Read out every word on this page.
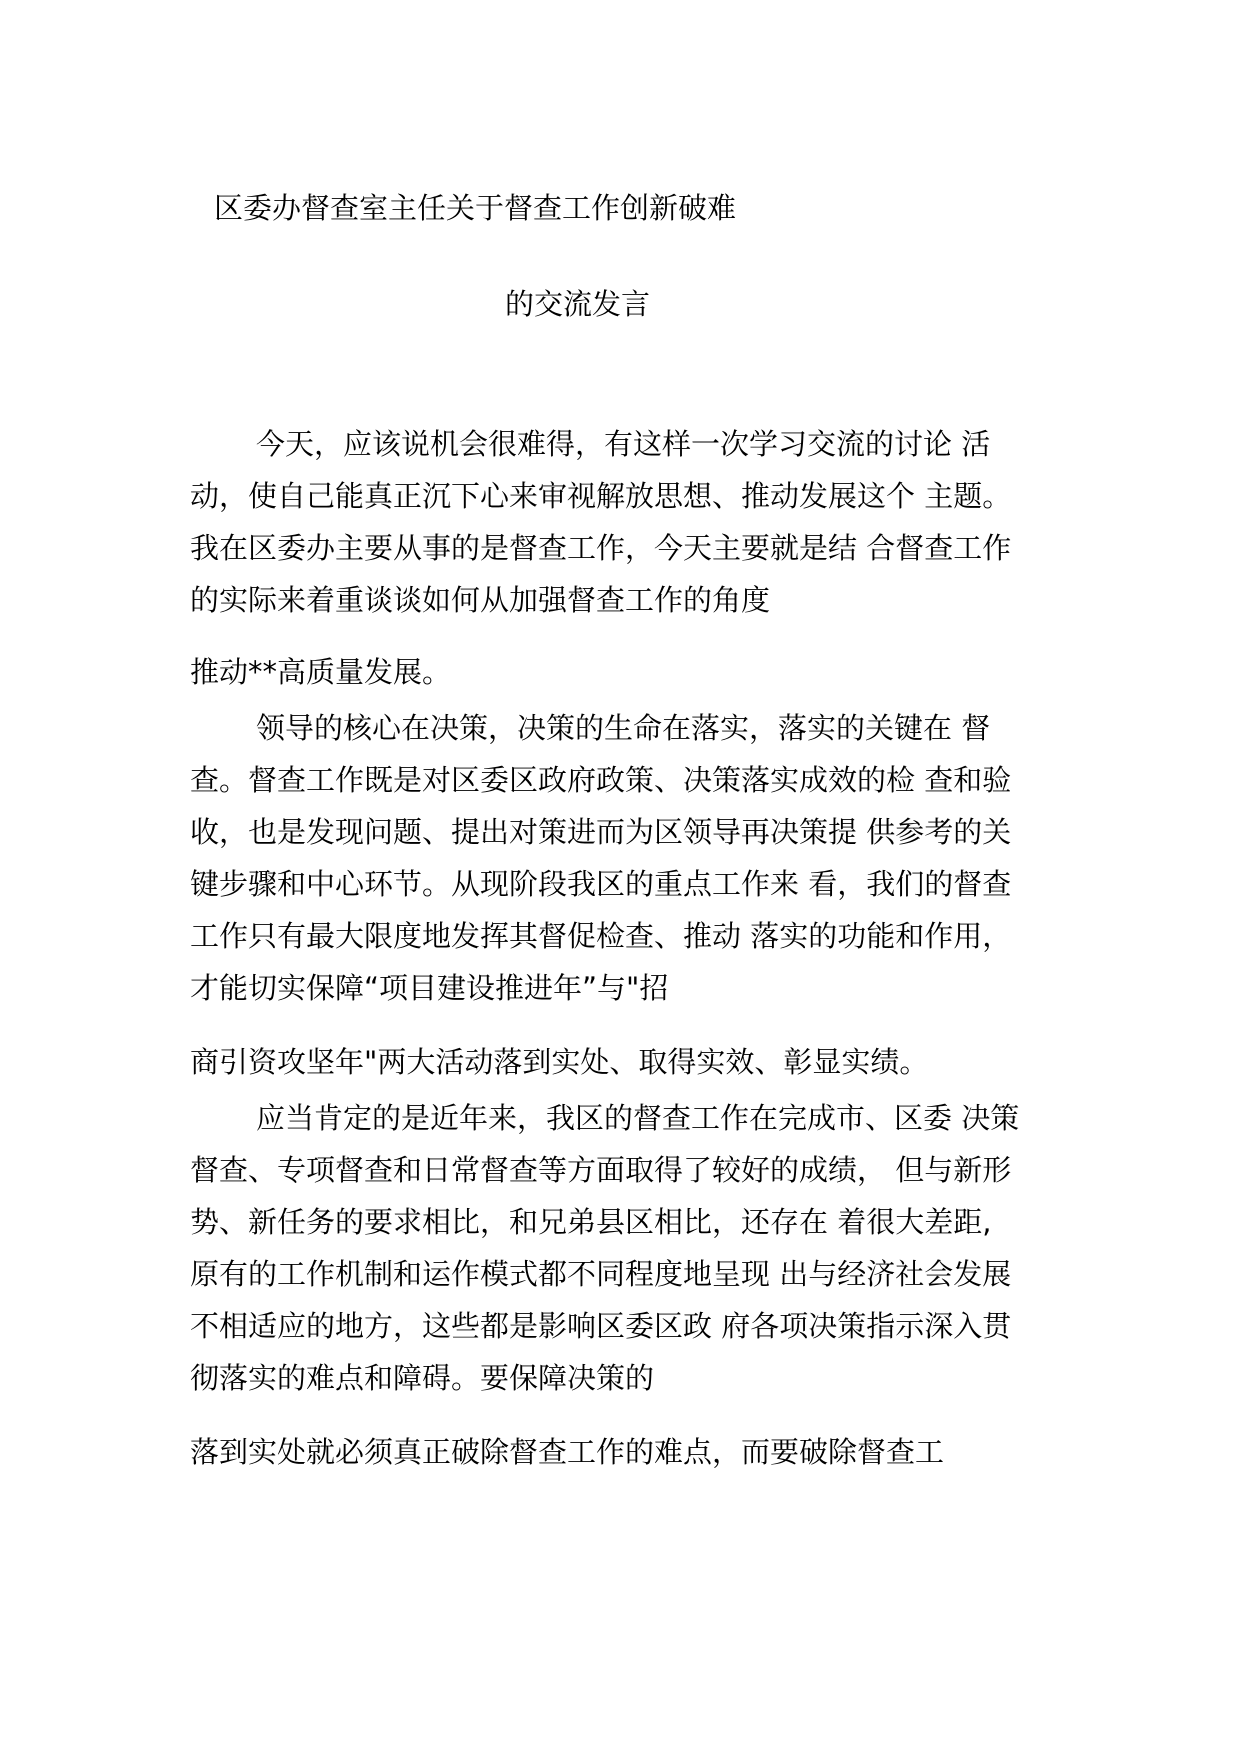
区委办督查室主任关于督查工作创新破难
的交流发言
今天，应该说机会很难得，有这样一次学习交流的讨论 活
动，使自己能真正沉下心来审视解放思想、推动发展这个 主题。
我在区委办主要从事的是督查工作，今天主要就是结 合督查工作
的实际来着重谈谈如何从加强督查工作的角度
推动**高质量发展。
领导的核心在决策，决策的生命在落实，落实的关键在 督
查。督查工作既是对区委区政府政策、决策落实成效的检 查和验
收，也是发现问题、提出对策进而为区领导再决策提 供参考的关
键步骤和中心环节。从现阶段我区的重点工作来 看，我们的督查
工作只有最大限度地发挥其督促检查、推动 落实的功能和作用，
才能切实保障“项目建设推进年”与"招
商引资攻坚年"两大活动落到实处、取得实效、彰显实绩。
应当肯定的是近年来，我区的督查工作在完成市、区委 决策
督查、专项督查和日常督查等方面取得了较好的成绩， 但与新形
势、新任务的要求相比，和兄弟县区相比，还存在 着很大差距,
原有的工作机制和运作模式都不同程度地呈现 出与经济社会发展
不相适应的地方，这些都是影响区委区政 府各项决策指示深入贯
彻落实的难点和障碍。要保障决策的
落到实处就必须真正破除督查工作的难点，而要破除督查工
